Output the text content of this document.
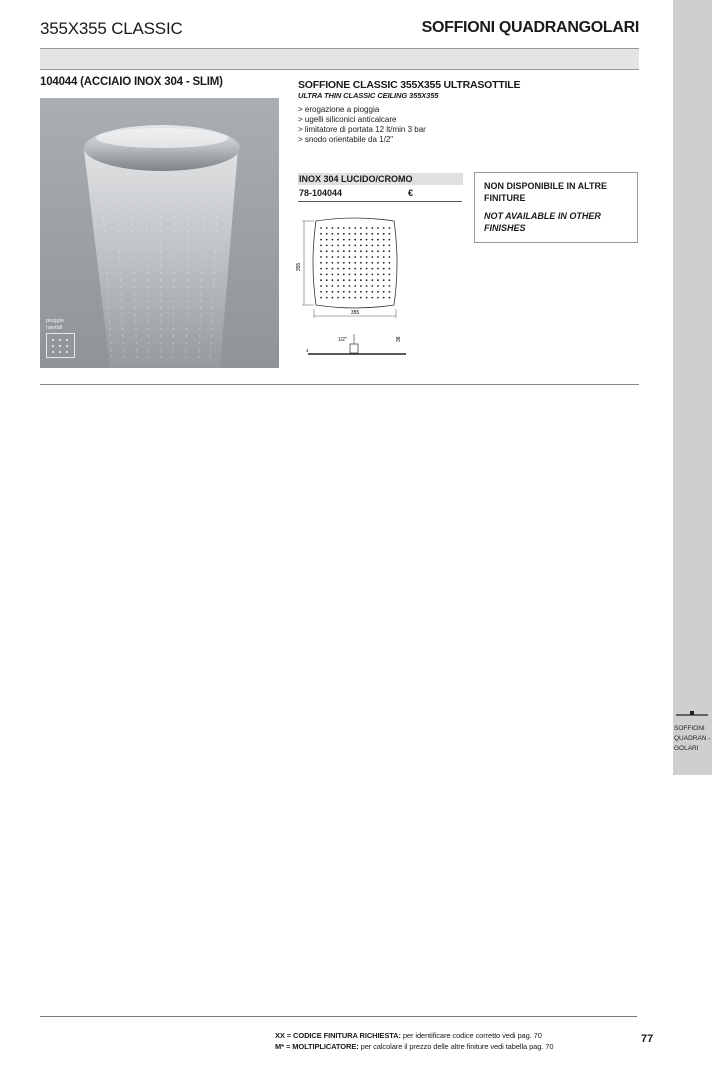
355X355 CLASSIC	SOFFIONI QUADRANGOLARI
SOFFIONI
QUADRAN -
GOLARI
104044 (ACCIAIO INOX 304 - SLIM)
pioggia
rainfall
SOFFIONE CLASSIC 355X355 ULTRASOTTILE
ULTRA THIN CLASSIC CEILING 355X355
> erogazione a pioggia
> ugelli siliconici anticalcare
> limitatore di portata 12 lt/min 3 bar
> snodo orientabile da 1/2"
INOX 304 LUCIDO/CROMO
78-104044	€
NON DISPONIBILE IN ALTRE FINITURE
NOT AVAILABLE IN OTHER FINISHES
355
355
1/2"	38
4
XX = CODICE FINITURA RICHIESTA: per identificare codice corretto vedi pag. 70
M* = MOLTIPLICATORE: per calcolare il prezzo delle altre finiture vedi tabella pag. 70
77
